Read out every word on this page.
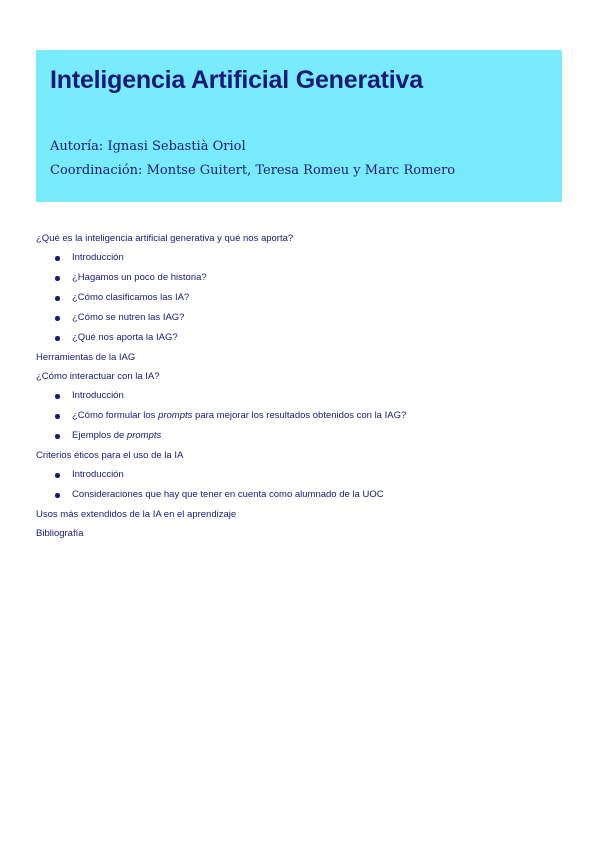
Inteligencia Artificial Generativa
Autoría: Ignasi Sebastià Oriol
Coordinación: Montse Guitert, Teresa Romeu y Marc Romero
¿Qué es la inteligencia artificial generativa y qué nos aporta?
Introducción
¿Hagamos un poco de historia?
¿Cómo clasificamos las IA?
¿Cómo se nutren las IAG?
¿Qué nos aporta la IAG?
Herramientas de la IAG
¿Cómo interactuar con la IA?
Introducción
¿Cómo formular los prompts para mejorar los resultados obtenidos con la IAG?
Ejemplos de prompts
Criterios éticos para el uso de la IA
Introducción
Consideraciones que hay que tener en cuenta como alumnado de la UOC
Usos más extendidos de la IA en el aprendizaje
Bibliografía
